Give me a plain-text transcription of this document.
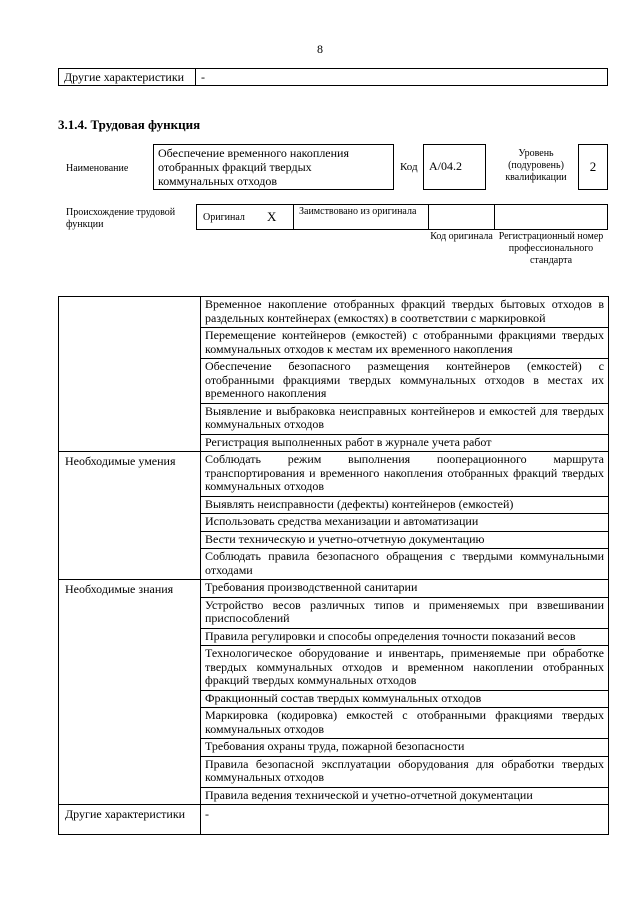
8
Другие характеристики	-
3.1.4. Трудовая функция
Наименование
Обеспечение временного накопления отобранных фракций твердых коммунальных отходов
Код A/04.2
Уровень (подуровень) квалификации
2
Происхождение трудовой функции
Оригинал X	Заимствовано из оригинала
Код оригинала Регистрационный номер профессионального стандарта
	Временное накопление отобранных фракций твердых бытовых отходов в раздельных контейнерах (емкостях) в соответствии с маркировкой
	Перемещение контейнеров (емкостей) с отобранными фракциями твердых коммунальных отходов к местам их временного накопления
	Обеспечение безопасного размещения контейнеров (емкостей) с отобранными фракциями твердых коммунальных отходов в местах их временного накопления
	Выявление и выбраковка неисправных контейнеров и емкостей для твердых коммунальных отходов
	Регистрация выполненных работ в журнале учета работ
Необходимые умения	Соблюдать режим выполнения пооперационного маршрута транспортирования и временного накопления отобранных фракций твердых коммунальных отходов
	Выявлять неисправности (дефекты) контейнеров (емкостей)
	Использовать средства механизации и автоматизации
	Вести техническую и учетно-отчетную документацию
	Соблюдать правила безопасного обращения с твердыми коммунальными отходами
Необходимые знания	Требования производственной санитарии
	Устройство весов различных типов и применяемых при взвешивании приспособлений
	Правила регулировки и способы определения точности показаний весов
	Технологическое оборудование и инвентарь, применяемые при обработке твердых коммунальных отходов и временном накоплении отобранных фракций твердых коммунальных отходов
	Фракционный состав твердых коммунальных отходов
	Маркировка (кодировка) емкостей с отобранными фракциями твердых коммунальных отходов
	Требования охраны труда, пожарной безопасности
	Правила безопасной эксплуатации оборудования для обработки твердых коммунальных отходов
	Правила ведения технической и учетно-отчетной документации
Другие характеристики	-
